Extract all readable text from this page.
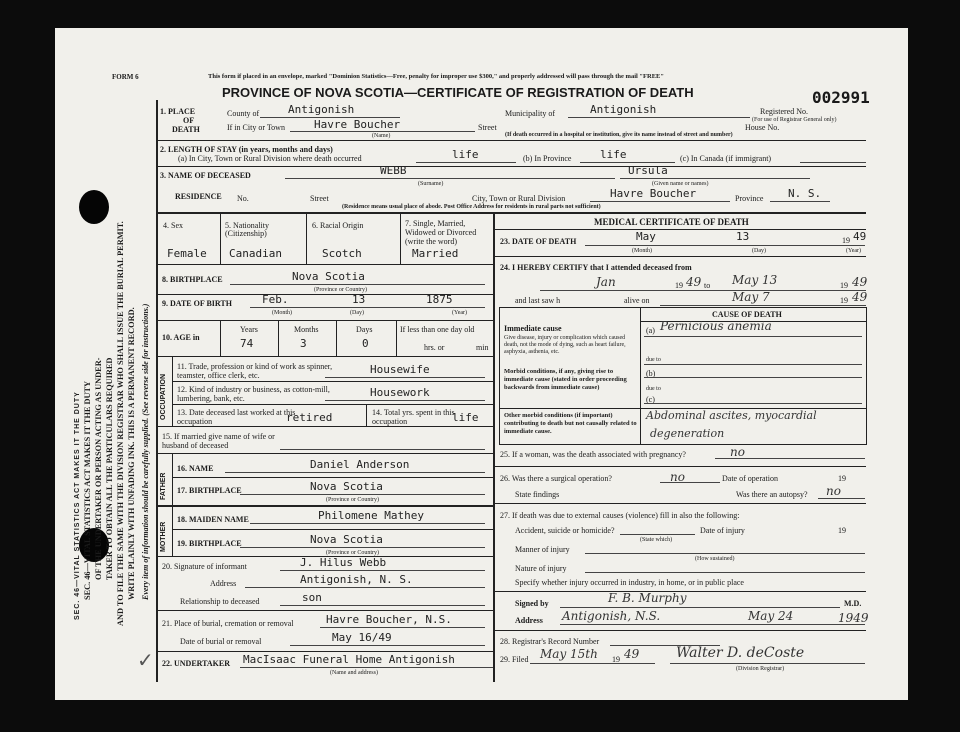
SEC. 46—VITAL STATISTICS ACT MAKES IT THE DUTY SEC. 46—VITAL STATISTICS ACT MAKES IT THE DUTY OF THE UNDERTAKER OR PERSON ACTING AS UNDER- TAKER TO OBTAIN ALL THE PARTICULARS REQUIRED AND TO FILE THE SAME WITH THE DIVISION REGISTRAR WHO SHALL ISSUE THE BURIAL PERMIT. WRITE PLAINLY WITH UNFADING INK. THIS IS A PERMANENT RECORD. Every item of information should be carefully supplied. (See reverse side for instructions.)
FORM 6	This form if placed in an envelope, marked "Dominion Statistics—Free, penalty for improper use $300," and properly addressed will pass through the mail "FREE"
PROVINCE OF NOVA SCOTIA—CERTIFICATE OF REGISTRATION OF DEATH	002991
1. PLACE
OF
DEATH
County of	Antigonish	Municipality of	Antigonish	Registered No.
(For use of Registrar General only)
If in City or Town	Havre Boucher	Street	House No.
(Name)	(If death occurred in a hospital or institution, give its name instead of street and number)
2. LENGTH OF STAY (in years, months and days)
(a) In City, Town or Rural Division where death occurred	life	(b) In Province	life	(c) In Canada (if immigrant)
3. NAME OF DECEASED	WEBB	Ursula
(Surname)	(Given name or names)
RESIDENCE No.	Street	City, Town or Rural Division	Havre Boucher	Province N. S.
(Residence means usual place of abode. Post Office Address for residents in rural parts not sufficient)
4. Sex
Female
5. Nationality (Citizenship)
Canadian
6. Racial Origin
Scotch
7. Single, Married, Widowed or Divorced (write the word)
Married
8. BIRTHPLACE	Nova Scotia
(Province or Country)
9. DATE OF BIRTH	Feb.	13	1875
(Month)	(Day)	(Year)
10. AGE in
Years	Months	Days	If less than one day old
74	3	0	hrs. or	min
OCCUPATION
11. Trade, profession or kind of work as spinner, teamster, office clerk, etc.	Housewife
12. Kind of industry or business, as cotton-mill, lumbering, bank, etc.	Housework
13. Date deceased last worked at this occupation	retired	14. Total yrs. spent in this occupation	life
15. If married give name of wife or husband of deceased
FATHER
MOTHER
16. NAME	Daniel Anderson
17. BIRTHPLACE	Nova Scotia
(Province or Country)
18. MAIDEN NAME	Philomene Mathey
19. BIRTHPLACE	Nova Scotia
(Province or Country)
20. Signature of informant	J. Hilus Webb
Address	Antigonish, N. S.
Relationship to deceased	son
21. Place of burial, cremation or removal	Havre Boucher, N.S.
Date of burial or removal	May 16/49
22. UNDERTAKER MacIsaac Funeral Home Antigonish
(Name and address)
✓
MEDICAL CERTIFICATE OF DEATH
23. DATE OF DEATH	May	13	49
19
(Month)	(Day)	(Year)
24. I HEREBY CERTIFY that I attended deceased from
Jan	19 49 to May 13	19 49
and last saw h	alive on	May 7	19 49
CAUSE OF DEATH
Immediate cause
Give disease, injury or complication which caused death, not the mode of dying, such as heart failure, asphyxia, asthenia, etc.
(a) Pernicious anemia
due to
Morbid conditions, if any, giving rise to immediate cause (stated in order proceeding backwards from immediate cause)
(b)
due to
(c)
Other morbid conditions (if important) contributing to death but not causally related to immediate cause.
Abdominal ascites, myocardial
degeneration
25. If a woman, was the death associated with pregnancy?	no
26. Was there a surgical operation?	no	Date of operation	19
State findings	Was there an autopsy? no
27. If death was due to external causes (violence) fill in also the following:
Accident, suicide or homicide?	Date of injury	19
(State which)
Manner of injury
(How sustained)
Nature of injury
Specify whether injury occurred in industry, in home, or in public place
Signed by	F. B. Murphy	M.D.
Address Antigonish, N.S.	May 24	1949
28. Registrar's Record Number
29. Filed May 15th 19 49	Walter D. deCoste
(Division Registrar)
